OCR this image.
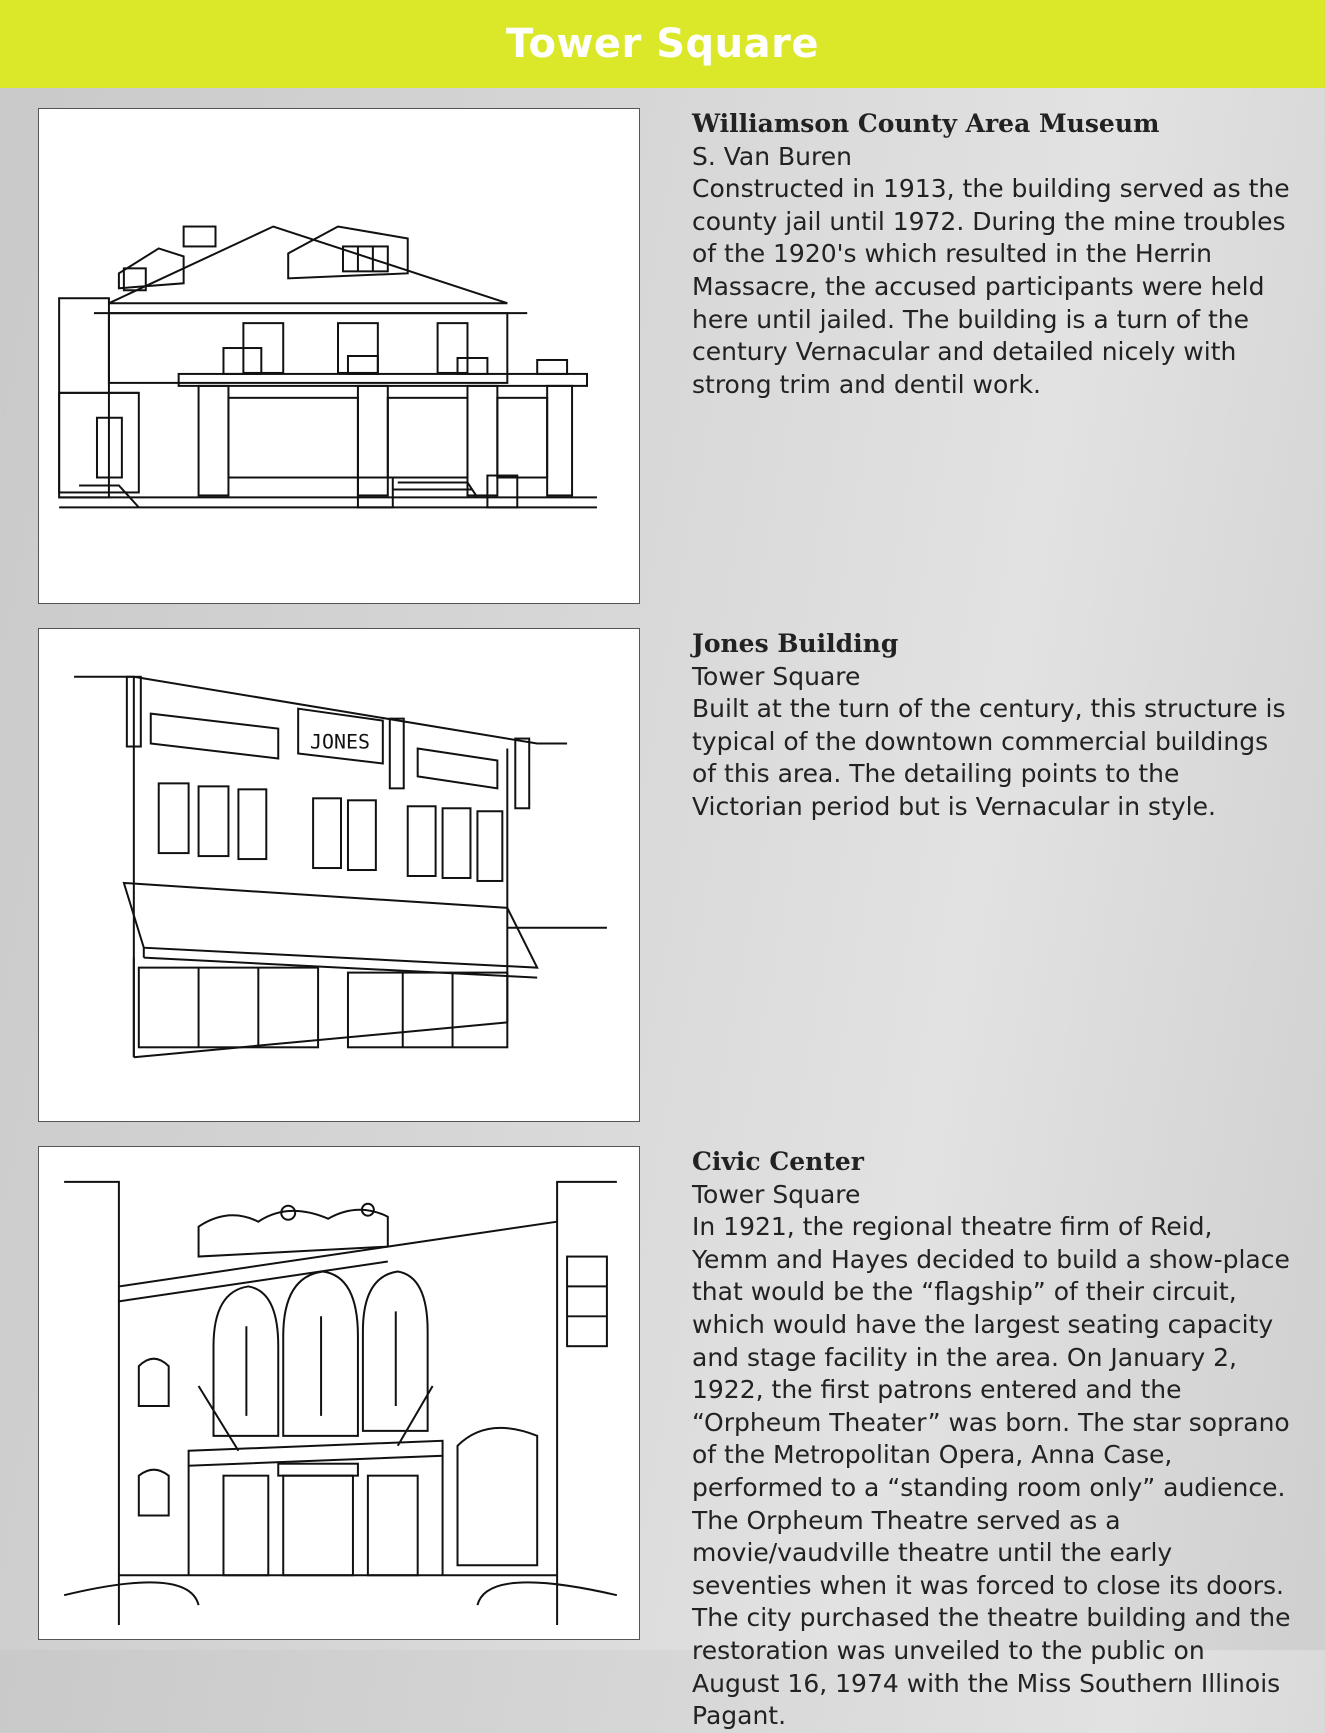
Tower Square

Williamson County Area Museum

S. Van Buren

Constructed in 1913, the building served as the county jail until 1972. During the mine troubles of the 1920's which resulted in the Herrin Massacre, the accused participants were held here until jailed. The building is a turn of the century Vernacular and detailed nicely with strong trim and dentil work.

JONES

Jones Building

Tower Square

Built at the turn of the century, this structure is typical of the downtown commercial buildings of this area. The detailing points to the Victorian period but is Vernacular in style.

Civic Center

Tower Square

In 1921, the regional theatre firm of Reid, Yemm and Hayes decided to build a show-place that would be the “flagship” of their circuit, which would have the largest seating capacity and stage facility in the area. On January 2, 1922, the first patrons entered and the “Orpheum Theater” was born. The star soprano of the Metropolitan Opera, Anna Case, performed to a “standing room only” audience. The Orpheum Theatre served as a movie/vaudville theatre until the early seventies when it was forced to close its doors. The city purchased the theatre building and the restoration was unveiled to the public on August 16, 1974 with the Miss Southern Illinois Pagant.
